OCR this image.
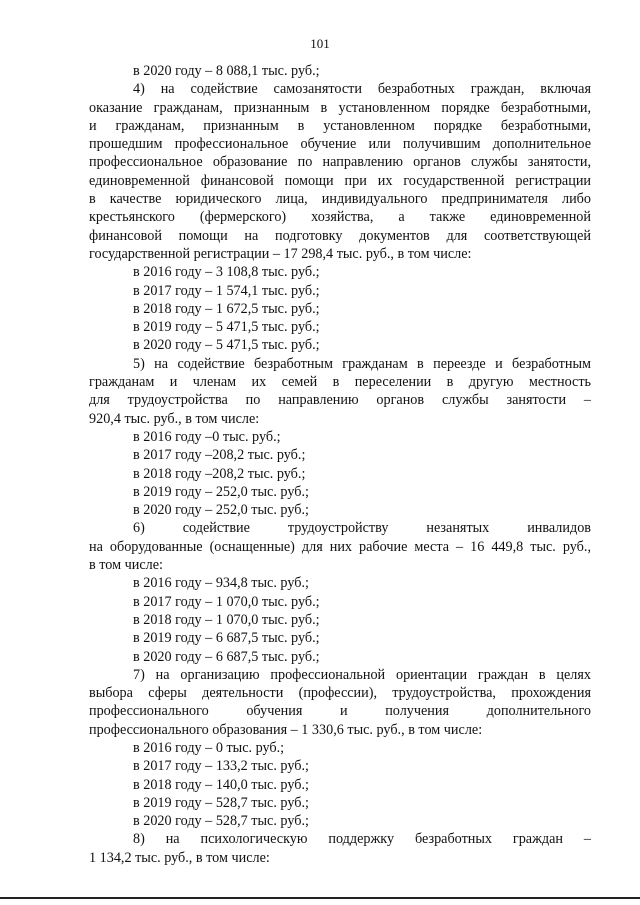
101
в 2020 году – 8 088,1 тыс. руб.;
4) на содействие самозанятости безработных граждан, включая
оказание гражданам, признанным в установленном порядке безработными,
и гражданам, признанным в установленном порядке безработными,
прошедшим профессиональное обучение или получившим дополнительное
профессиональное образование по направлению органов службы занятости,
единовременной финансовой помощи при их государственной регистрации
в качестве юридического лица, индивидуального предпринимателя либо
крестьянского (фермерского) хозяйства, а также единовременной
финансовой помощи на подготовку документов для соответствующей
государственной регистрации – 17 298,4 тыс. руб., в том числе:
в 2016 году – 3 108,8 тыс. руб.;
в 2017 году – 1 574,1 тыс. руб.;
в 2018 году – 1 672,5 тыс. руб.;
в 2019 году – 5 471,5 тыс. руб.;
в 2020 году – 5 471,5 тыс. руб.;
5) на содействие безработным гражданам в переезде и безработным
гражданам и членам их семей в переселении в другую местность
для трудоустройства по направлению органов службы занятости –
920,4 тыс. руб., в том числе:
в 2016 году –0 тыс. руб.;
в 2017 году –208,2 тыс. руб.;
в 2018 году –208,2 тыс. руб.;
в 2019 году – 252,0 тыс. руб.;
в 2020 году – 252,0 тыс. руб.;
6) содействие трудоустройству незанятых инвалидов
на оборудованные (оснащенные) для них рабочие места – 16 449,8 тыс. руб.,
в том числе:
в 2016 году – 934,8 тыс. руб.;
в 2017 году – 1 070,0 тыс. руб.;
в 2018 году – 1 070,0 тыс. руб.;
в 2019 году – 6 687,5 тыс. руб.;
в 2020 году – 6 687,5 тыс. руб.;
7) на организацию профессиональной ориентации граждан в целях
выбора сферы деятельности (профессии), трудоустройства, прохождения
профессионального обучения и получения дополнительного
профессионального образования – 1 330,6 тыс. руб., в том числе:
в 2016 году – 0 тыс. руб.;
в 2017 году – 133,2 тыс. руб.;
в 2018 году – 140,0 тыс. руб.;
в 2019 году – 528,7 тыс. руб.;
в 2020 году – 528,7 тыс. руб.;
8) на психологическую поддержку безработных граждан –
1 134,2 тыс. руб., в том числе:
